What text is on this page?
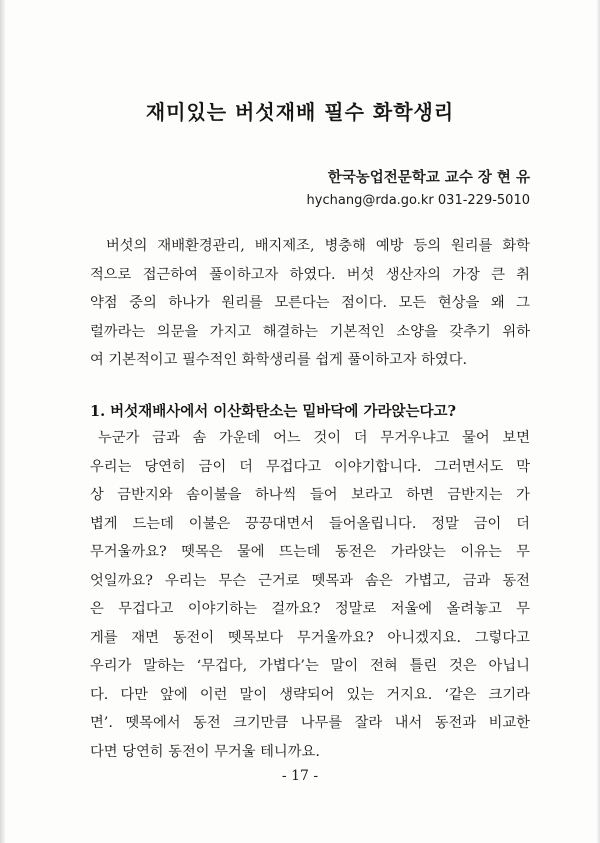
재미있는 버섯재배 필수 화학생리
한국농업전문학교 교수 장 현 유
hychang@rda.go.kr 031-229-5010
버섯의 재배환경관리, 배지제조, 병충해 예방 등의 원리를 화학
적으로 접근하여 풀이하고자 하였다. 버섯 생산자의 가장 큰 취
약점 중의 하나가 원리를 모른다는 점이다. 모든 현상을 왜 그
럴까라는 의문을 가지고 해결하는 기본적인 소양을 갖추기 위하
여 기본적이고 필수적인 화학생리를 쉽게 풀이하고자 하였다.
1. 버섯재배사에서 이산화탄소는 밑바닥에 가라앉는다고?
누군가 금과 솜 가운데 어느 것이 더 무거우냐고 물어 보면
우리는 당연히 금이 더 무겁다고 이야기합니다. 그러면서도 막
상 금반지와 솜이불을 하나씩 들어 보라고 하면 금반지는 가
볍게 드는데 이불은 끙끙대면서 들어올립니다. 정말 금이 더
무거울까요? 뗏목은 물에 뜨는데 동전은 가라앉는 이유는 무
엇일까요? 우리는 무슨 근거로 뗏목과 솜은 가볍고, 금과 동전
은 무겁다고 이야기하는 걸까요? 정말로 저울에 올려놓고 무
게를 재면 동전이 뗏목보다 무거울까요? 아니겠지요. 그렇다고
우리가 말하는 ‘무겁다, 가볍다’는 말이 전혀 틀린 것은 아닙니
다. 다만 앞에 이런 말이 생략되어 있는 거지요. ‘같은 크기라
면’. 뗏목에서 동전 크기만큼 나무를 잘라 내서 동전과 비교한
다면 당연히 동전이 무거울 테니까요.
- 17 -
